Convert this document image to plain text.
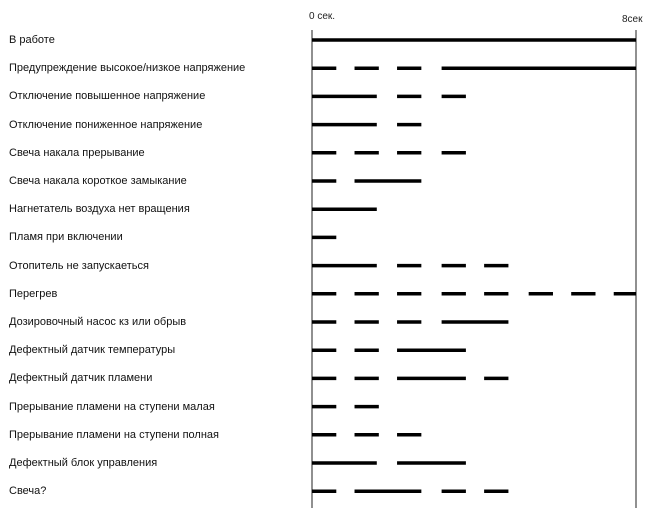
0 сек.	8сек
В работе
Предупреждение высокое/низкое напряжение
Отключение повышенное напряжение
Отключение пониженное напряжение
Свеча накала прерывание
Свеча накала короткое замыкание
Нагнетатель воздуха нет вращения
Пламя при включении
Отопитель не запускаеться
Перегрев
Дозировочный насос кз или обрыв
Дефектный датчик температуры
Дефектный датчик пламени
Прерывание пламени на ступени малая
Прерывание пламени на ступени полная
Дефектный блок управления
Свеча?
